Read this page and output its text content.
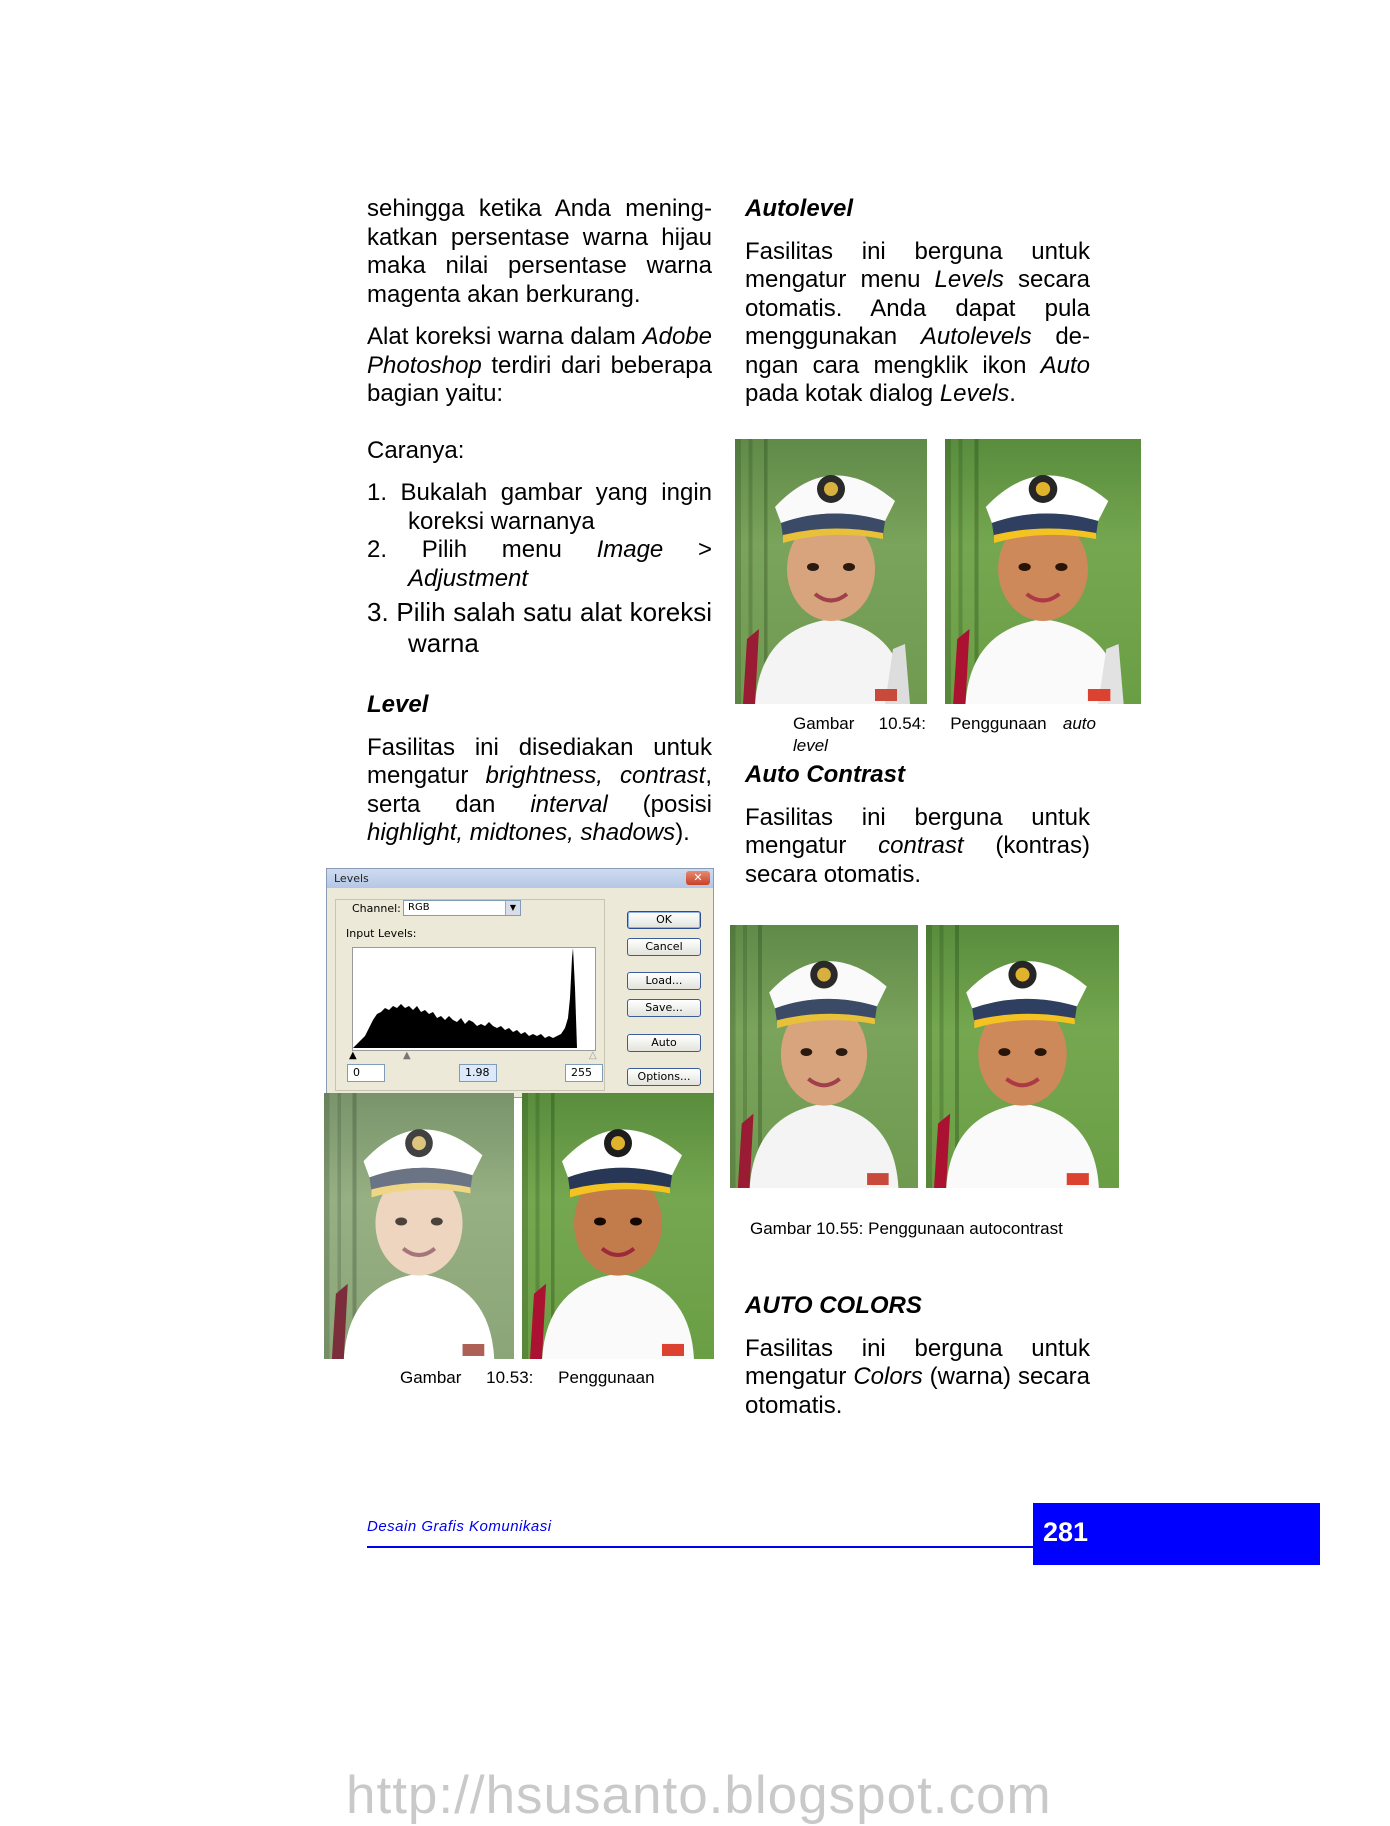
sehingga ketika Anda mening-katkan persentase warna hijau maka nilai persentase warna magenta akan berkurang.

Alat koreksi warna dalam Adobe Photoshop terdiri dari beberapa bagian yaitu:

Caranya:

1. Bukalah gambar yang ingin koreksi warnanya

2. Pilih menu Image > Adjustment

3. Pilih salah satu alat koreksi warna

Level

Fasilitas ini disediakan untuk mengatur brightness, contrast, serta dan interval (posisi highlight, midtones, shadows).

Autolevel

Fasilitas ini berguna untuk mengatur menu Levels secara otomatis. Anda dapat pula menggunakan Autolevels de-ngan cara mengklik ikon Auto pada kotak dialog Levels.

Gambar 10.54: Penggunaan auto level

Auto Contrast

Fasilitas ini berguna untuk mengatur contrast (kontras) secara otomatis.

Gambar 10.55: Penggunaan autocontrast

AUTO COLORS

Fasilitas ini berguna untuk mengatur Colors (warna) secara otomatis.

Levels	✕
Channel: RGB	▼
Input Levels:
▲	▲	△
0	1.98	255
OK
Cancel
Load...
Save...
Auto
Options...
Gambar 10.53: Penggunaan
Desain Grafis Komunikasi	281
http://hsusanto.blogspot.com
